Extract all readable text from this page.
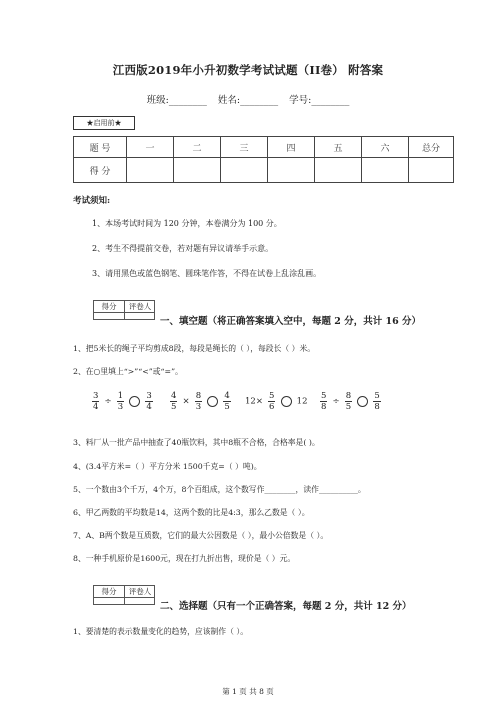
江西版2019年小升初数学考试试题（II卷） 附答案
班级:________ 姓名:________ 学号:________
★启用前★
题 号	一	二	三	四	五	六	总分
得 分							
考试须知:
1、本场考试时间为 120 分钟，本卷满分为 100 分。
2、考生不得提前交卷，若对题有异议请举手示意。
3、请用黑色或蓝色钢笔、圆珠笔作答，不得在试卷上乱涂乱画。
得分	评卷人
一、填空题（将正确答案填入空中，每题 2 分，共计 16 分）
1、把5米长的绳子平均剪成8段，每段是绳长的（ ），每段长（ ）米。
2、在○里填上“>”“<”或“=”。
$\frac{3}{4} \div \frac{1}{3}$
$\frac{3}{4} \frac{4}{5} \times \frac{8}{3}$
$\frac{4}{5} 12\times \frac{5}{6} 12 \frac{5}{8} \div \frac{8}{5}$
$\frac{5}{8}$
3、料厂从一批产品中抽查了40瓶饮料，其中8瓶不合格，合格率是( )。
4、(3.4平方米=（ ）平方分米 1500千克=（ ）吨)。
5、一个数由3个千万，4个万，8个百组成，这个数写作________，读作__________。
6、甲乙两数的平均数是14，这两个数的比是4:3，那么乙数是（ ）。
7、A、B两个数是互质数，它们的最大公因数是（ ），最小公倍数是（ ）。
8、一种手机原价是1600元，现在打九折出售，现价是（ ）元。
得分	评卷人
二、选择题（只有一个正确答案，每题 2 分，共计 12 分）
1、要清楚的表示数量变化的趋势，应该制作（ ）。
第 1 页 共 8 页
